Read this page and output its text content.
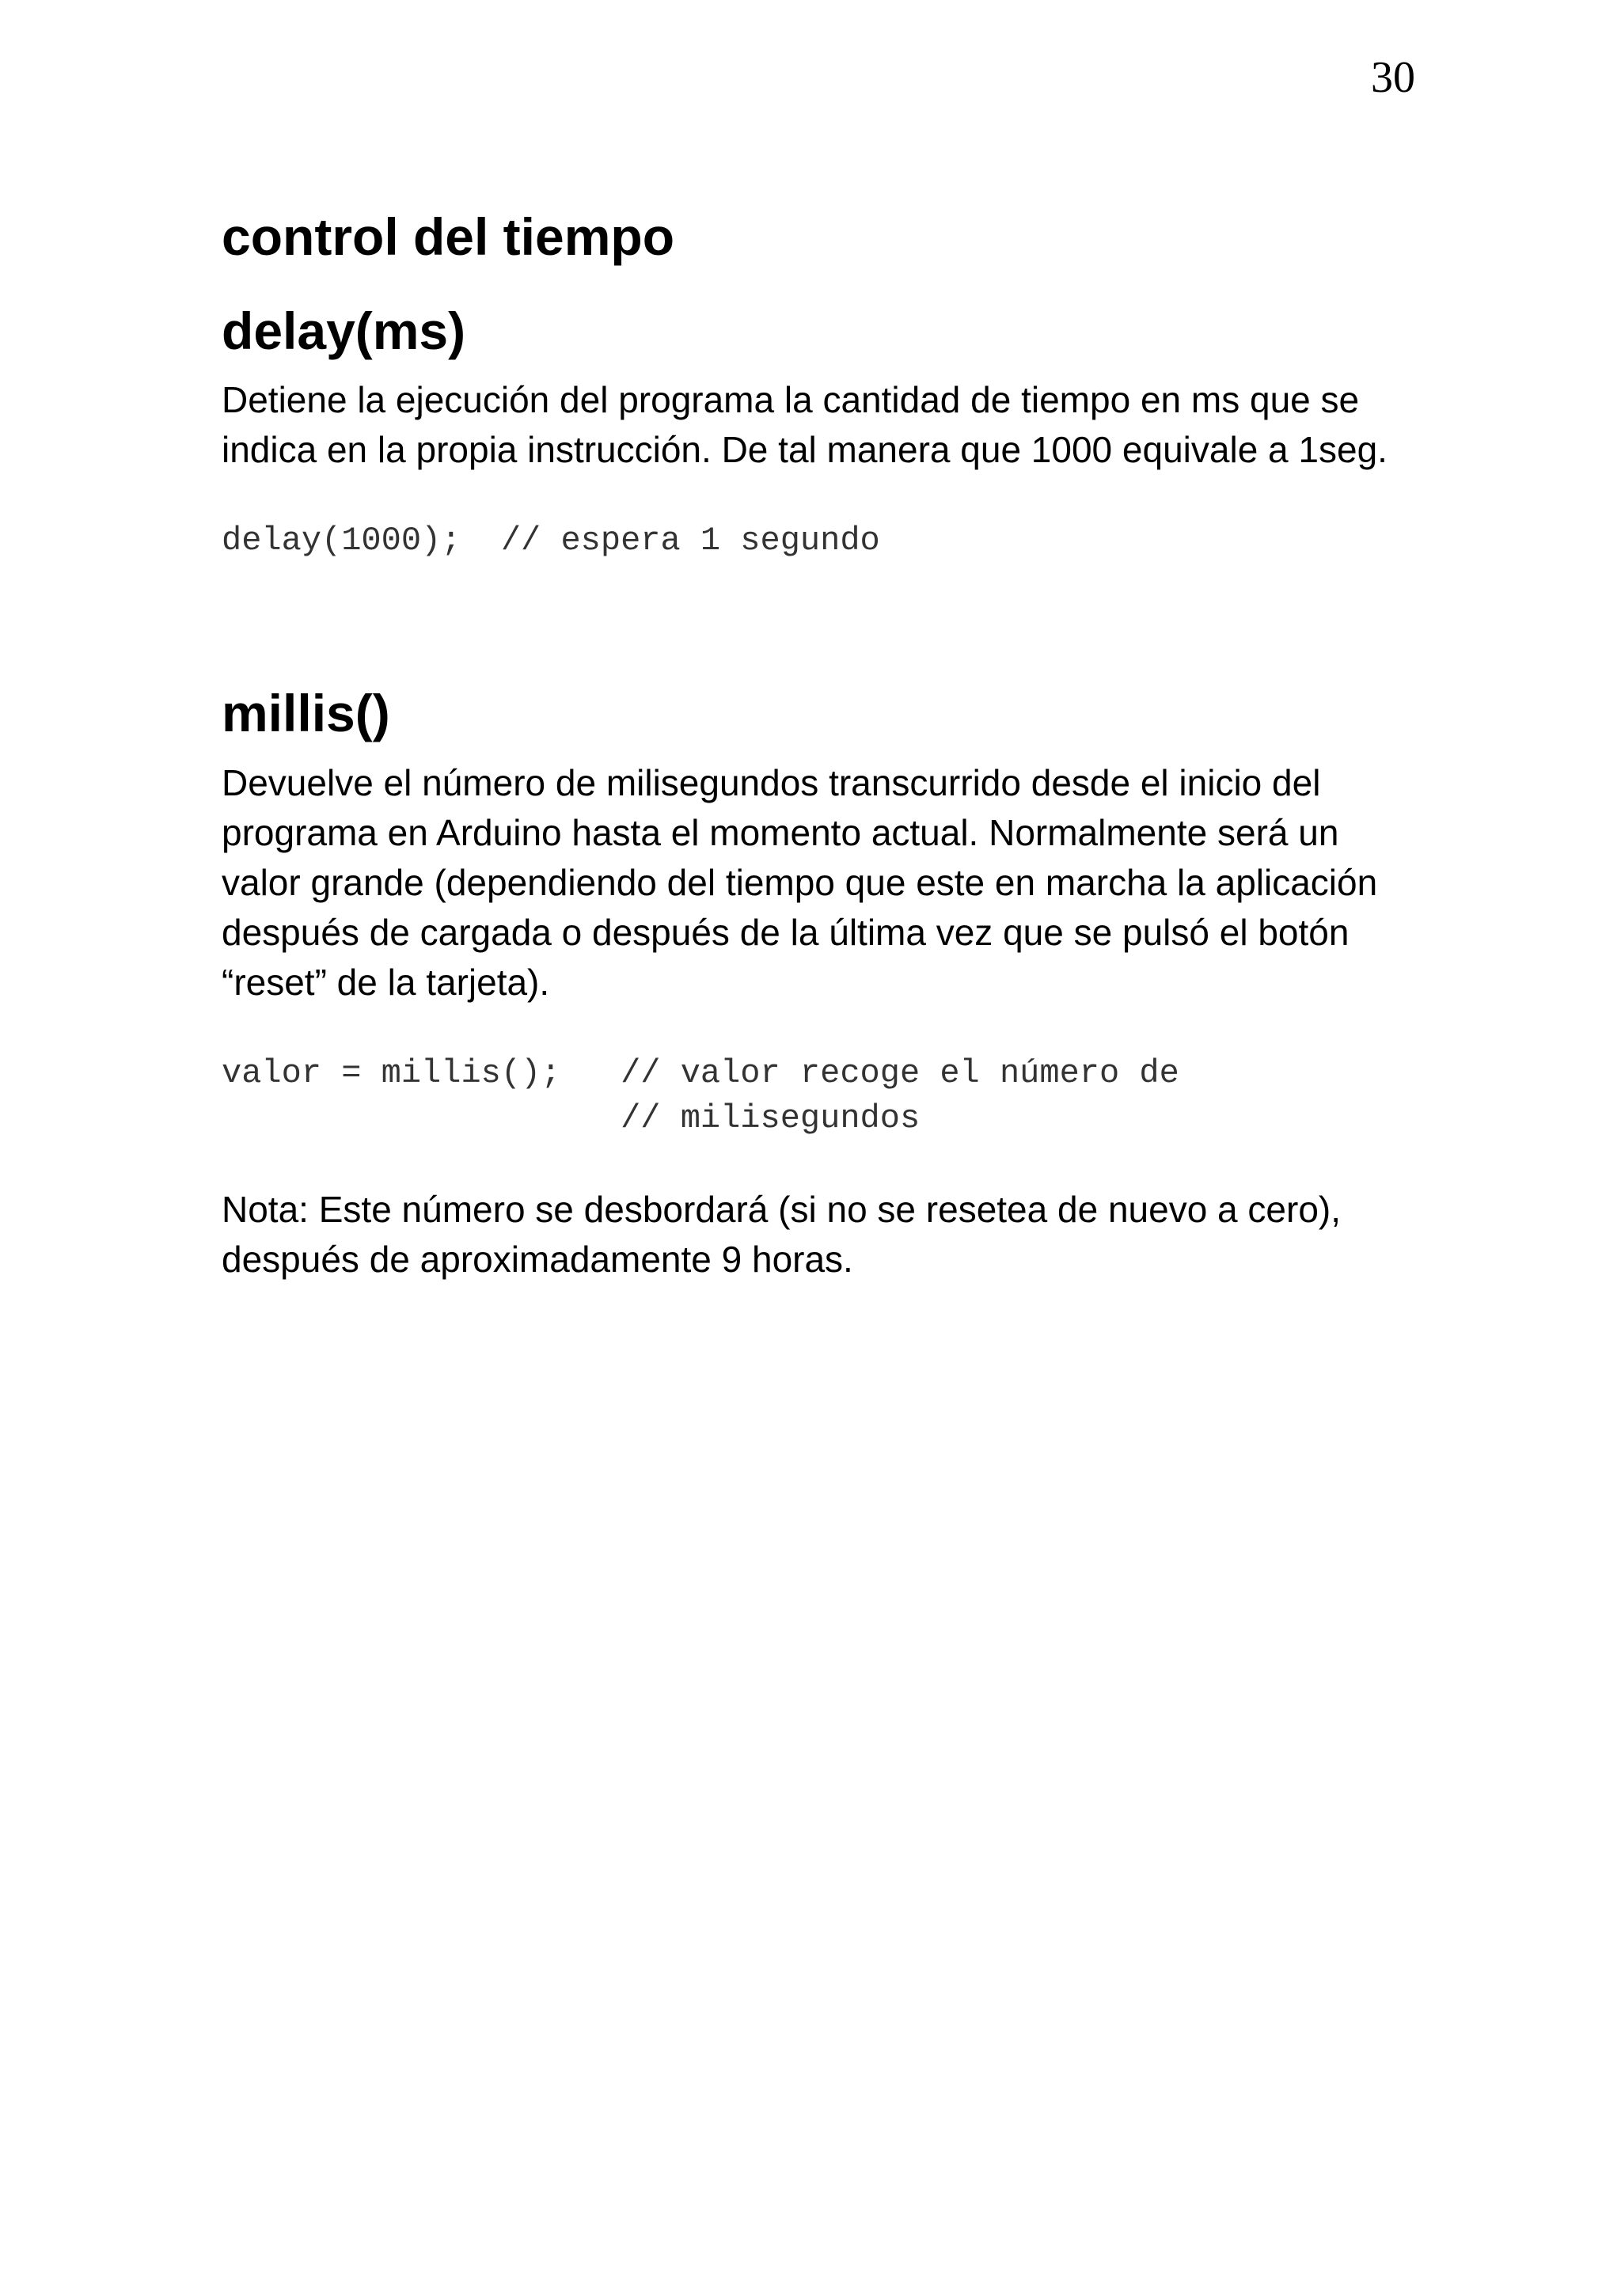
30
control del tiempo
delay(ms)

Detiene la ejecución del programa la cantidad de tiempo en ms que se indica en la propia instrucción. De tal manera que 1000 equivale a 1seg.

delay(1000);  // espera 1 segundo
millis()

Devuelve el número de milisegundos transcurrido desde el inicio del programa en Arduino hasta el momento actual. Normalmente será un valor grande (dependiendo del tiempo que este en marcha la aplicación después de cargada o después de la última vez que se pulsó el botón “reset” de la tarjeta).

valor = millis();   // valor recoge el número de
// milisegundos

Nota: Este número se desbordará (si no se resetea de nuevo a cero), después de aproximadamente 9 horas.
